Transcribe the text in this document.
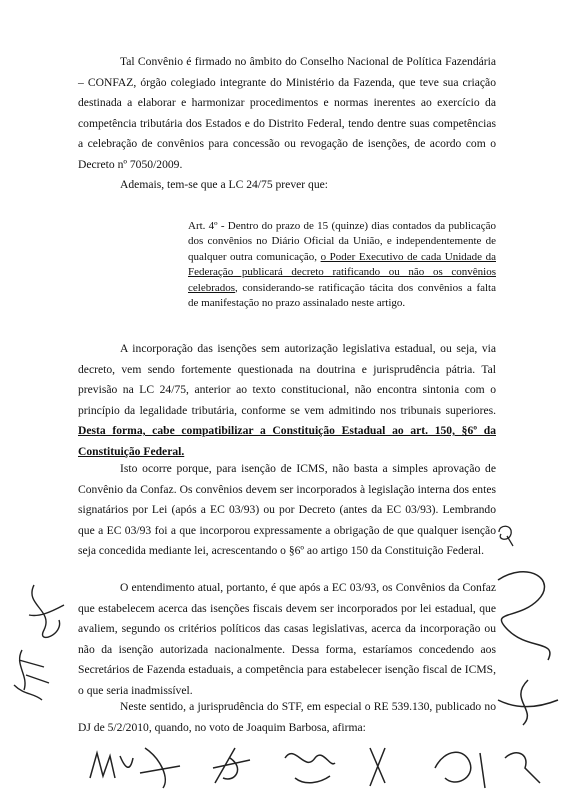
Tal Convênio é firmado no âmbito do Conselho Nacional de Política Fazendária – CONFAZ, órgão colegiado integrante do Ministério da Fazenda, que teve sua criação destinada a elaborar e harmonizar procedimentos e normas inerentes ao exercício da competência tributária dos Estados e do Distrito Federal, tendo dentre suas competências a celebração de convênios para concessão ou revogação de isenções, de acordo com o Decreto nº 7050/2009.
Ademais, tem-se que a LC 24/75 prever que:
Art. 4º - Dentro do prazo de 15 (quinze) dias contados da publicação dos convênios no Diário Oficial da União, e independentemente de qualquer outra comunicação, o Poder Executivo de cada Unidade da Federação publicará decreto ratificando ou não os convênios celebrados, considerando-se ratificação tácita dos convênios a falta de manifestação no prazo assinalado neste artigo.
A incorporação das isenções sem autorização legislativa estadual, ou seja, via decreto, vem sendo fortemente questionada na doutrina e jurisprudência pátria. Tal previsão na LC 24/75, anterior ao texto constitucional, não encontra sintonia com o princípio da legalidade tributária, conforme se vem admitindo nos tribunais superiores. Desta forma, cabe compatibilizar a Constituição Estadual ao art. 150, §6º da Constituição Federal.
Isto ocorre porque, para isenção de ICMS, não basta a simples aprovação de Convênio da Confaz. Os convênios devem ser incorporados à legislação interna dos entes signatários por Lei (após a EC 03/93) ou por Decreto (antes da EC 03/93). Lembrando que a EC 03/93 foi a que incorporou expressamente a obrigação de que qualquer isenção seja concedida mediante lei, acrescentando o §6º ao artigo 150 da Constituição Federal.
O entendimento atual, portanto, é que após a EC 03/93, os Convênios da Confaz que estabelecem acerca das isenções fiscais devem ser incorporados por lei estadual, que avaliem, segundo os critérios políticos das casas legislativas, acerca da incorporação ou não da isenção autorizada nacionalmente. Dessa forma, estaríamos concedendo aos Secretários de Fazenda estaduais, a competência para estabelecer isenção fiscal de ICMS, o que seria inadmissível.
Neste sentido, a jurisprudência do STF, em especial o RE 539.130, publicado no DJ de 5/2/2010, quando, no voto de Joaquim Barbosa, afirma:
